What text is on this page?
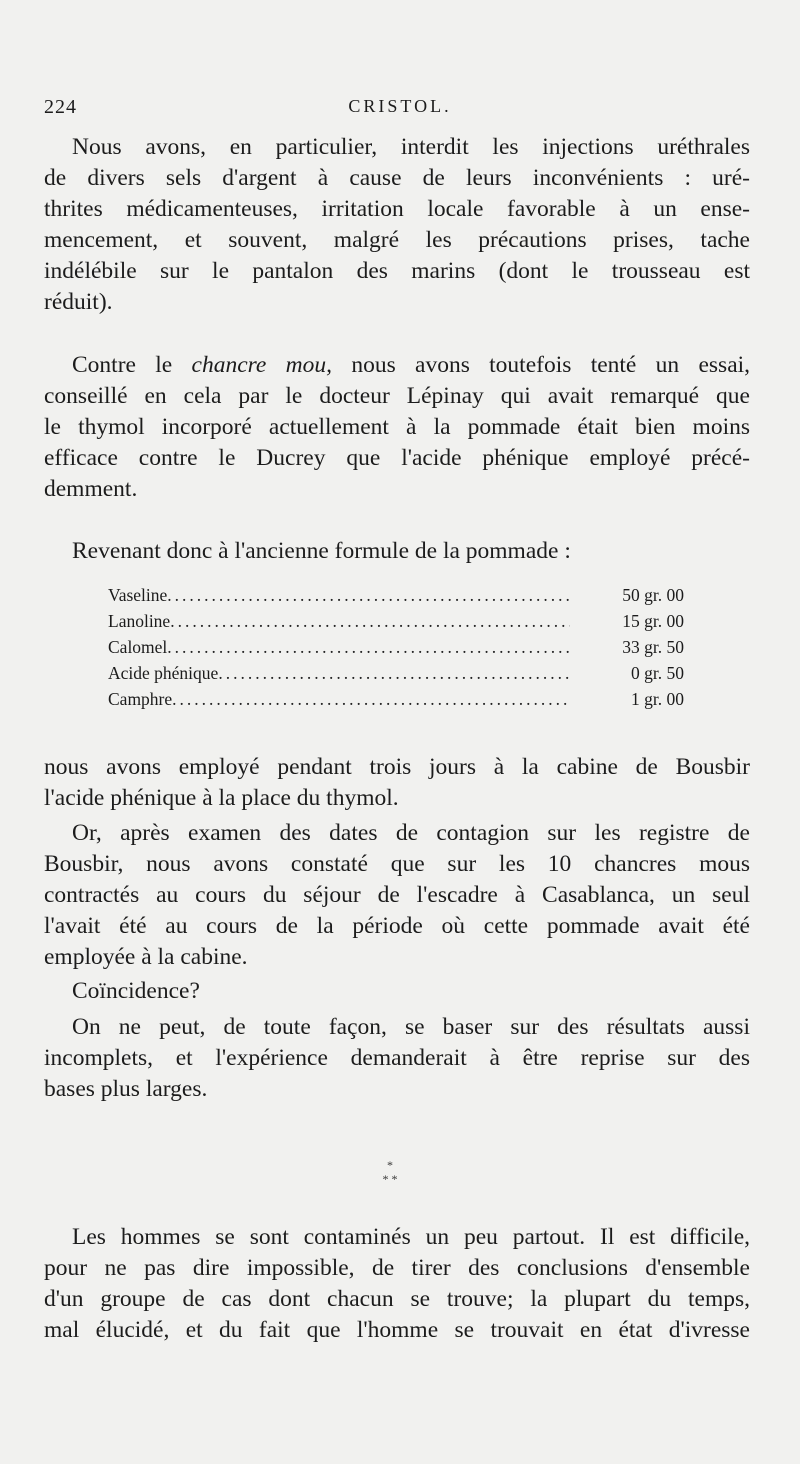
224	CRISTOL.

Nous avons, en particulier, interdit les injections uréthrales
de divers sels d'argent à cause de leurs inconvénients : uré-
thrites médicamenteuses, irritation locale favorable à un ense-
mencement, et souvent, malgré les précautions prises, tache
indélébile sur le pantalon des marins (dont le trousseau est
réduit).

Contre le chancre mou, nous avons toutefois tenté un essai,
conseillé en cela par le docteur Lépinay qui avait remarqué que
le thymol incorporé actuellement à la pommade était bien moins
efficace contre le Ducrey que l'acide phénique employé précé-
demment.

Revenant donc à l'ancienne formule de la pommade :

Vaseline .....	50 gr. 00
Lanoline .....	15 gr. 00
Calomel .....	33 gr. 50
Acide phénique .....	0 gr. 50
Camphre .....	1 gr. 00

nous avons employé pendant trois jours à la cabine de Bousbir
l'acide phénique à la place du thymol.

Or, après examen des dates de contagion sur les registre de
Bousbir, nous avons constaté que sur les 10 chancres mous
contractés au cours du séjour de l'escadre à Casablanca, un seul
l'avait été au cours de la période où cette pommade avait été
employée à la cabine.

Coïncidence?

On ne peut, de toute façon, se baser sur des résultats aussi
incomplets, et l'expérience demanderait à être reprise sur des
bases plus larges.

*
* *

Les hommes se sont contaminés un peu partout. Il est difficile,
pour ne pas dire impossible, de tirer des conclusions d'ensemble
d'un groupe de cas dont chacun se trouve; la plupart du temps,
mal élucidé, et du fait que l'homme se trouvait en état d'ivresse
